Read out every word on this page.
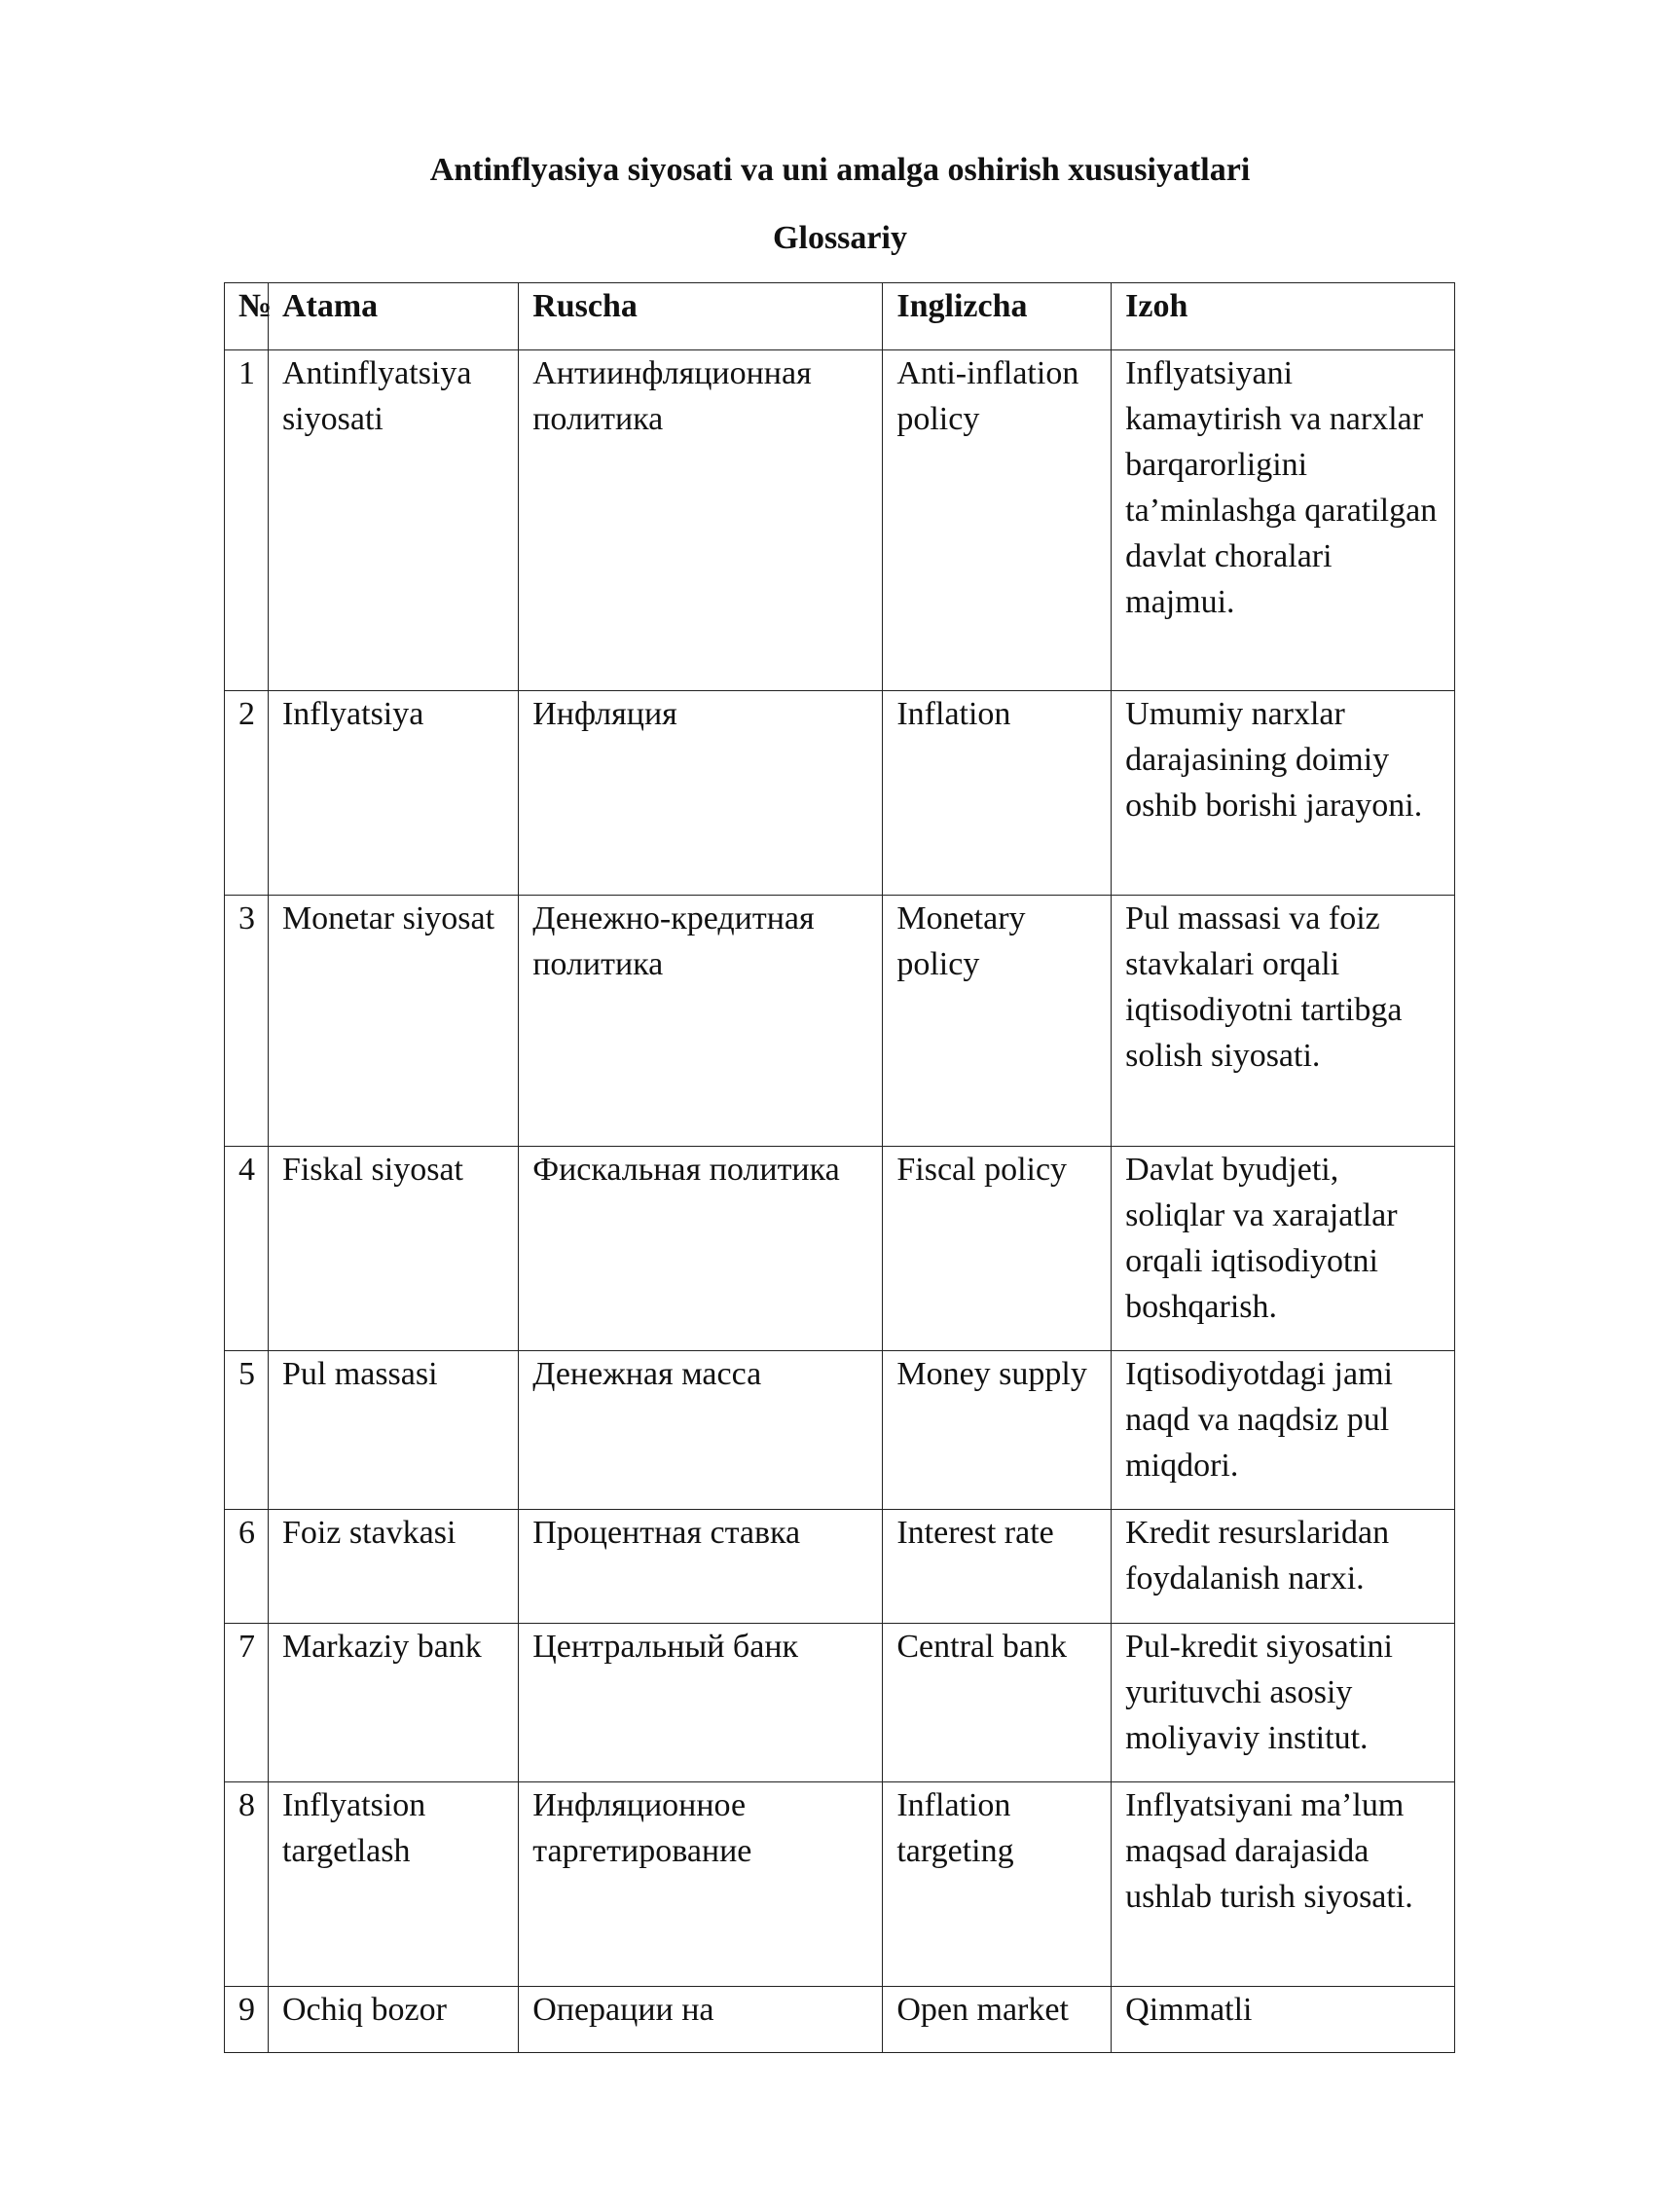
Antinflyasiya siyosati va uni amalga oshirish xususiyatlari
Glossariy
№	Atama	Ruscha	Inglizcha	Izoh
1	Antinflyatsiya siyosati	Антиинфляционная политика	Anti-inflation policy	Inflyatsiyani kamaytirish va narxlar barqarorligini ta’minlashga qaratilgan davlat choralari majmui.
2	Inflyatsiya	Инфляция	Inflation	Umumiy narxlar darajasining doimiy oshib borishi jarayoni.
3	Monetar siyosat	Денежно-кредитная политика	Monetary policy	Pul massasi va foiz stavkalari orqali iqtisodiyotni tartibga solish siyosati.
4	Fiskal siyosat	Фискальная политика	Fiscal policy	Davlat byudjeti, soliqlar va xarajatlar orqali iqtisodiyotni boshqarish.
5	Pul massasi	Денежная масса	Money supply	Iqtisodiyotdagi jami naqd va naqdsiz pul miqdori.
6	Foiz stavkasi	Процентная ставка	Interest rate	Kredit resurslaridan foydalanish narxi.
7	Markaziy bank	Центральный банк	Central bank	Pul-kredit siyosatini yurituvchi asosiy moliyaviy institut.
8	Inflyatsion targetlash	Инфляционное таргетирование	Inflation targeting	Inflyatsiyani ma’lum maqsad darajasida ushlab turish siyosati.
9	Ochiq bozor	Операции на	Open market	Qimmatli
